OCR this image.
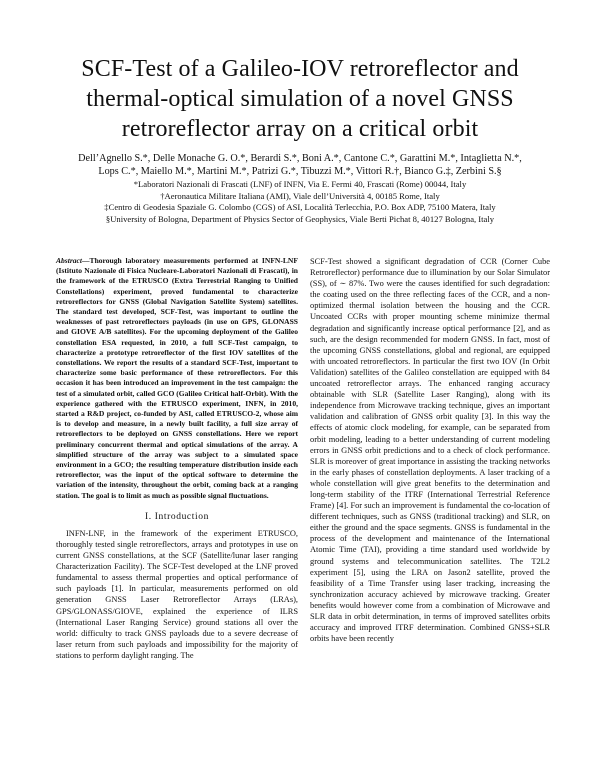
SCF-Test of a Galileo-IOV retroreflector and thermal-optical simulation of a novel GNSS retroreflector array on a critical orbit
Dell’Agnello S.*, Delle Monache G. O.*, Berardi S.*, Boni A.*, Cantone C.*, Garattini M.*, Intaglietta N.*,
Lops C.*, Maiello M.*, Martini M.*, Patrizi G.*, Tibuzzi M.*, Vittori R.†, Bianco G.‡, Zerbini S.§
*Laboratori Nazionali di Frascati (LNF) of INFN, Via E. Fermi 40, Frascati (Rome) 00044, Italy
†Aeronautica Militare Italiana (AMI), Viale dell’Università 4, 00185 Rome, Italy
‡Centro di Geodesia Spaziale G. Colombo (CGS) of ASI, Località Terlecchia, P.O. Box ADP, 75100 Matera, Italy
§University of Bologna, Department of Physics Sector of Geophysics, Viale Berti Pichat 8, 40127 Bologna, Italy

Abstract—Thorough laboratory measurements performed at INFN-LNF (Istituto Nazionale di Fisica Nucleare-Laboratori Nazionali di Frascati), in the framework of the ETRUSCO (Extra Terrestrial Ranging to Unified Constellations) experiment, proved fundamental to characterize retroreflectors for GNSS (Global Navigation Satellite System) satellites. The standard test developed, SCF-Test, was important to outline the weaknesses of past retroreflectors payloads (in use on GPS, GLONASS and GIOVE A/B satellites). For the upcoming deployment of the Galileo constellation ESA requested, in 2010, a full SCF-Test campaign, to characterize a prototype retroreflector of the first IOV satellites of the constellations. We report the results of a standard SCF-Test, important to characterize some basic performance of these retroreflectors. For this occasion it has been introduced an improvement in the test campaign: the test of a simulated orbit, called GCO (Galileo Critical half-Orbit). With the experience gathered with the ETRUSCO experiment, INFN, in 2010, started a R&D project, co-funded by ASI, called ETRUSCO-2, whose aim is to develop and measure, in a newly built facility, a full size array of retroreflectors to be deployed on GNSS constellations. Here we report preliminary concurrent thermal and optical simulations of the array. A simplified structure of the array was subject to a simulated space environment in a GCO; the resulting temperature distribution inside each retroreflector, was the input of the optical software to determine the variation of the intensity, throughout the orbit, coming back at a ranging station. The goal is to limit as much as possible signal fluctuations.

I. Introduction

INFN-LNF, in the framework of the experiment ETRUSCO, thoroughly tested single retroreflectors, arrays and prototypes in use on current GNSS constellations, at the SCF (Satellite/lunar laser ranging Characterization Facility). The SCF-Test developed at the LNF proved fundamental to assess thermal properties and optical performance of such payloads [1]. In particular, measurements performed on old generation GNSS Laser Retroreflector Arrays (LRAs), GPS/GLONASS/GIOVE, explained the experience of ILRS (International Laser Ranging Service) ground stations all over the world: difficulty to track GNSS payloads due to a severe decrease of laser return from such payloads and impossibility for the majority of stations to perform daylight ranging. The

SCF-Test showed a significant degradation of CCR (Corner Cube Retroreflector) performance due to illumination by our Solar Simulator (SS), of ∼ 87%. Two were the causes identified for such degradation: the coating used on the three reflecting faces of the CCR, and a non-optimized thermal isolation between the housing and the CCR. Uncoated CCRs with proper mounting scheme minimize thermal degradation and significantly increase optical performance [2], and as such, are the design recommended for modern GNSS. In fact, most of the upcoming GNSS constellations, global and regional, are equipped with uncoated retroreflectors. In particular the first two IOV (In Orbit Validation) satellites of the Galileo constellation are equipped with 84 uncoated retroreflector arrays. The enhanced ranging accuracy obtainable with SLR (Satellite Laser Ranging), along with its independence from Microwave tracking technique, gives an important validation and calibration of GNSS orbit quality [3]. In this way the effects of atomic clock modeling, for example, can be separated from orbit modeling, leading to a better understanding of current modeling errors in GNSS orbit predictions and to a check of clock performance. SLR is moreover of great importance in assisting the tracking networks in the early phases of constellation deployments. A laser tracking of a whole constellation will give great benefits to the determination and long-term stability of the ITRF (International Terrestrial Reference Frame) [4]. For such an improvement is fundamental the co-location of different techniques, such as GNSS (traditional tracking) and SLR, on either the ground and the space segments. GNSS is fundamental in the process of the development and maintenance of the International Atomic Time (TAI), providing a time standard used worldwide by ground systems and telecommunication satellites. The T2L2 experiment [5], using the LRA on Jason2 satellite, proved the feasibility of a Time Transfer using laser tracking, increasing the synchronization accuracy achieved by microwave tracking. Greater benefits would however come from a combination of Microwave and SLR data in orbit determination, in terms of improved satellites orbits accuracy and improved ITRF determination. Combined GNSS+SLR orbits have been recently
